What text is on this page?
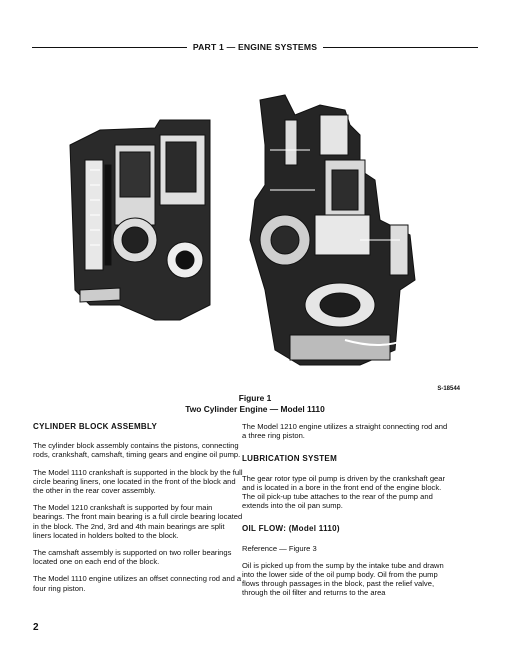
PART 1 — ENGINE SYSTEMS
S-18544
Figure 1
Two Cylinder Engine — Model 1110
CYLINDER BLOCK ASSEMBLY

The cylinder block assembly contains the pistons, connecting rods, crankshaft, camshaft, timing gears and engine oil pump.

The Model 1110 crankshaft is supported in the block by the full circle bearing liners, one located in the front of the block and the other in the rear cover assembly.

The Model 1210 crankshaft is supported by four main bearings. The front main bearing is a full circle bearing located in the block. The 2nd, 3rd and 4th main bearings are split liners located in holders bolted to the block.

The camshaft assembly is supported on two roller bearings located one on each end of the block.

The Model 1110 engine utilizes an offset connecting rod and a four ring piston.

The Model 1210 engine utilizes a straight connecting rod and a three ring piston.

LUBRICATION SYSTEM

The gear rotor type oil pump is driven by the crankshaft gear and is located in a bore in the front end of the engine block. The oil pick-up tube attaches to the rear of the pump and extends into the oil pan sump.

OIL FLOW: (Model 1110)

Reference — Figure 3

Oil is picked up from the sump by the intake tube and drawn into the lower side of the oil pump body. Oil from the pump flows through passages in the block, past the relief valve, through the oil filter and returns to the area

2
